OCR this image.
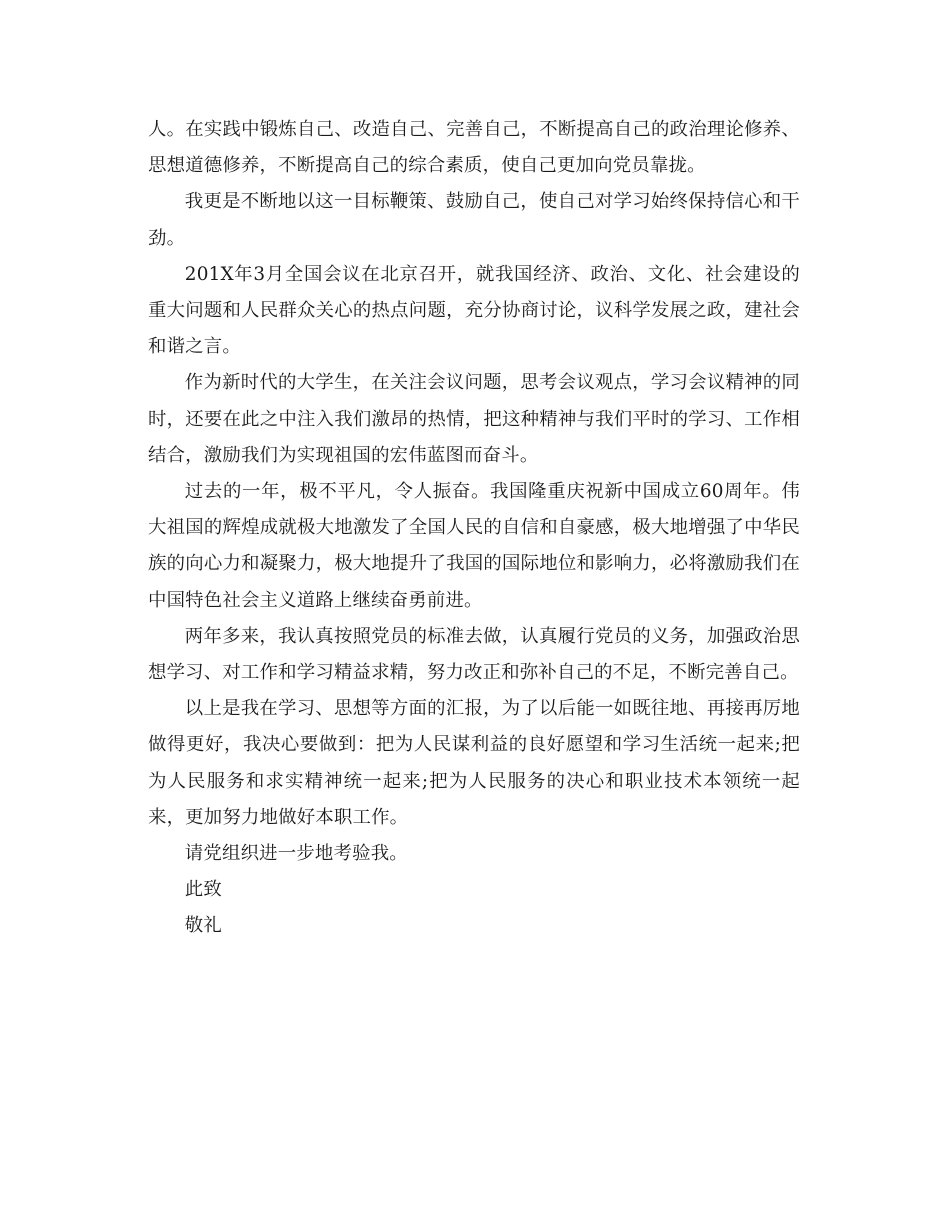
人。在实践中锻炼自己、改造自己、完善自己，不断提高自己的政治理论修养、思想道德修养，不断提高自己的综合素质，使自己更加向党员靠拢。

我更是不断地以这一目标鞭策、鼓励自己，使自己对学习始终保持信心和干劲。

201X年3月全国会议在北京召开，就我国经济、政治、文化、社会建设的重大问题和人民群众关心的热点问题，充分协商讨论，议科学发展之政，建社会和谐之言。

作为新时代的大学生，在关注会议问题，思考会议观点，学习会议精神的同时，还要在此之中注入我们激昂的热情，把这种精神与我们平时的学习、工作相结合，激励我们为实现祖国的宏伟蓝图而奋斗。

过去的一年，极不平凡，令人振奋。我国隆重庆祝新中国成立60周年。伟大祖国的辉煌成就极大地激发了全国人民的自信和自豪感，极大地增强了中华民族的向心力和凝聚力，极大地提升了我国的国际地位和影响力，必将激励我们在中国特色社会主义道路上继续奋勇前进。

两年多来，我认真按照党员的标准去做，认真履行党员的义务，加强政治思想学习、对工作和学习精益求精，努力改正和弥补自己的不足，不断完善自己。

以上是我在学习、思想等方面的汇报，为了以后能一如既往地、再接再厉地做得更好，我决心要做到：把为人民谋利益的良好愿望和学习生活统一起来;把为人民服务和求实精神统一起来;把为人民服务的决心和职业技术本领统一起来，更加努力地做好本职工作。

请党组织进一步地考验我。

此致

敬礼
